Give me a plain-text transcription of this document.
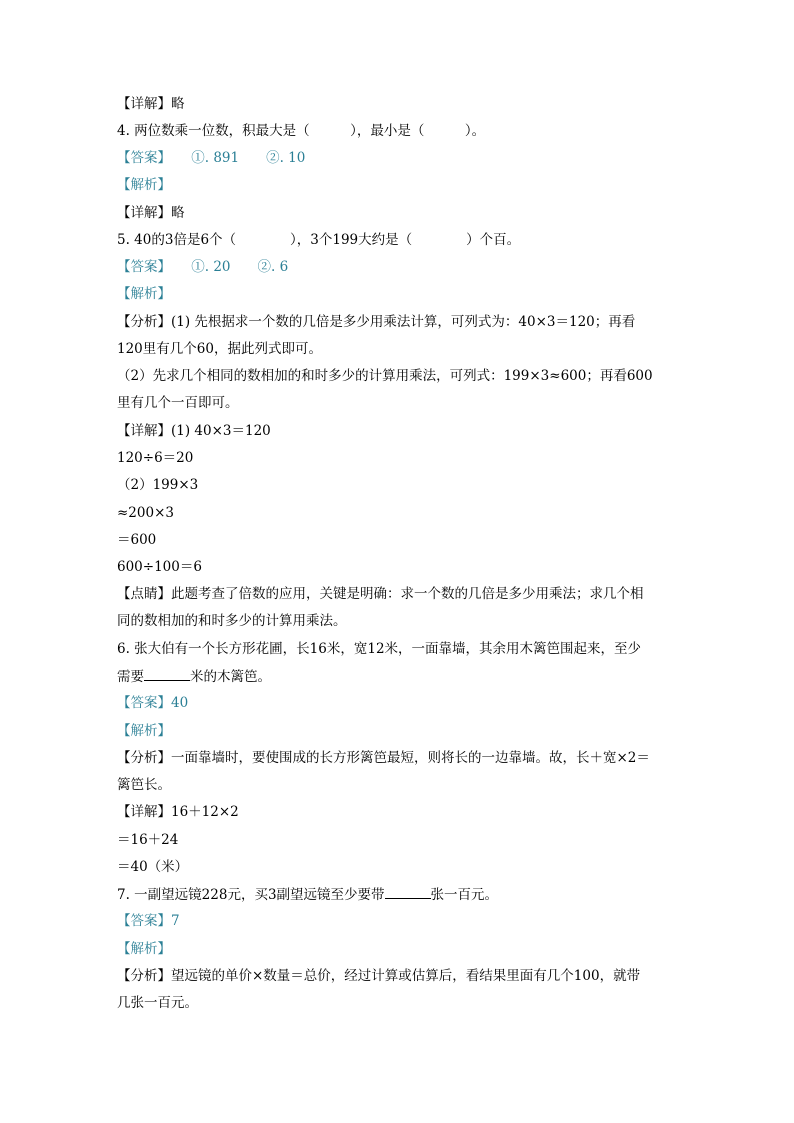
【详解】略
4. 两位数乘一位数，积最大是（　　　），最小是（　　　）。
【答案】　　①. 891　　②. 10
【解析】
【详解】略
5. 40的3倍是6个（　　　　），3个199大约是（　　　　）个百。
【答案】　　①. 20　　②. 6
【解析】
【分析】(1) 先根据求一个数的几倍是多少用乘法计算，可列式为：40×3＝120；再看
120里有几个60，据此列式即可。
（2）先求几个相同的数相加的和时多少的计算用乘法，可列式：199×3≈600；再看600
里有几个一百即可。
【详解】(1) 40×3＝120
120÷6＝20
（2）199×3
≈200×3
＝600
600÷100＝6
【点睛】此题考查了倍数的应用，关键是明确：求一个数的几倍是多少用乘法；求几个相
同的数相加的和时多少的计算用乘法。
6. 张大伯有一个长方形花圃，长16米，宽12米，一面靠墙，其余用木篱笆围起来，至少
需要	米的木篱笆。
【答案】40
【解析】
【分析】一面靠墙时，要使围成的长方形篱笆最短，则将长的一边靠墙。故，长＋宽×2＝
篱笆长。
【详解】16＋12×2
＝16＋24
＝40（米）
7. 一副望远镜228元，买3副望远镜至少要带	张一百元。
【答案】7
【解析】
【分析】望远镜的单价×数量＝总价，经过计算或估算后，看结果里面有几个100，就带
几张一百元。
